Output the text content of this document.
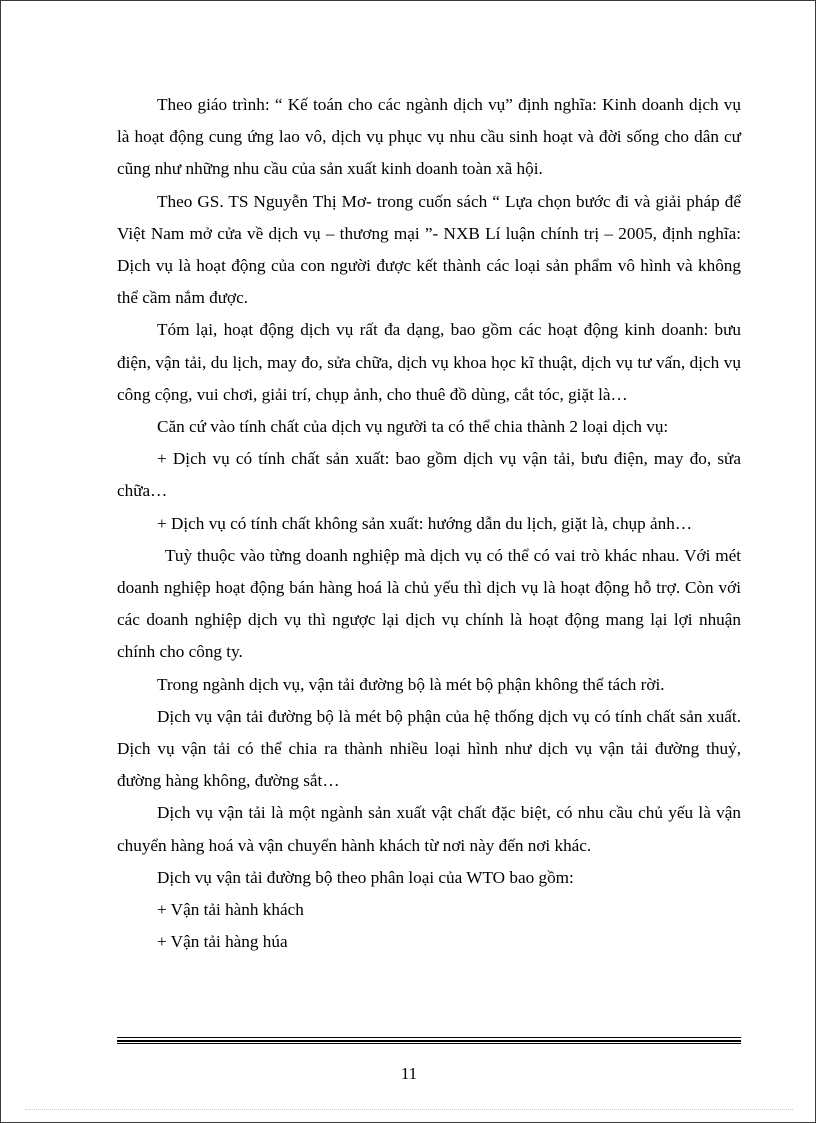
Theo giáo trình: “ Kế toán cho các ngành dịch vụ” định nghĩa: Kinh doanh dịch vụ là hoạt động cung ứng lao vô, dịch vụ phục vụ nhu cầu sinh hoạt và đời sống cho dân cư cũng như những nhu cầu của sản xuất kinh doanh toàn xã hội.

Theo GS. TS Nguyễn Thị Mơ- trong cuốn sách “ Lựa chọn bước đi và giải pháp để Việt Nam mở cửa về dịch vụ – thương mại ”- NXB Lí luận chính trị – 2005, định nghĩa: Dịch vụ là hoạt động của con người được kết thành các loại sản phẩm vô hình và không thể cầm nắm được.

Tóm lại, hoạt động dịch vụ rất đa dạng, bao gồm các hoạt động kinh doanh: bưu điện, vận tải, du lịch, may đo, sửa chữa, dịch vụ khoa học kĩ thuật, dịch vụ tư vấn, dịch vụ công cộng, vui chơi, giải trí, chụp ảnh, cho thuê đồ dùng, cắt tóc, giặt là…

Căn cứ vào tính chất của dịch vụ người ta có thể chia thành 2 loại dịch vụ:

+ Dịch vụ có tính chất sản xuất: bao gồm dịch vụ vận tải, bưu điện, may đo, sửa chữa…

+ Dịch vụ có tính chất không sản xuất: hướng dẫn du lịch, giặt là, chụp ảnh…

Tuỳ thuộc vào từng doanh nghiệp mà dịch vụ có thể có vai trò khác nhau. Với mét doanh nghiệp hoạt động bán hàng hoá là chủ yếu thì dịch vụ là hoạt động hỗ trợ. Còn với các doanh nghiệp dịch vụ thì ngược lại dịch vụ chính là hoạt động mang lại lợi nhuận chính cho công ty.

Trong ngành dịch vụ, vận tải đường bộ là mét bộ phận không thể tách rời.

Dịch vụ vận tải đường bộ là mét bộ phận của hệ thống dịch vụ có tính chất sản xuất. Dịch vụ vận tải có thể chia ra thành nhiều loại hình như dịch vụ vận tải đường thuỷ, đường hàng không, đường sắt…

Dịch vụ vận tải là một ngành sản xuất vật chất đặc biệt, có nhu cầu chủ yếu là vận chuyển hàng hoá và vận chuyển hành khách từ nơi này đến nơi khác.

Dịch vụ vận tải đường bộ theo phân loại của WTO bao gồm:

+ Vận tải hành khách

+ Vận tải hàng húa

11
